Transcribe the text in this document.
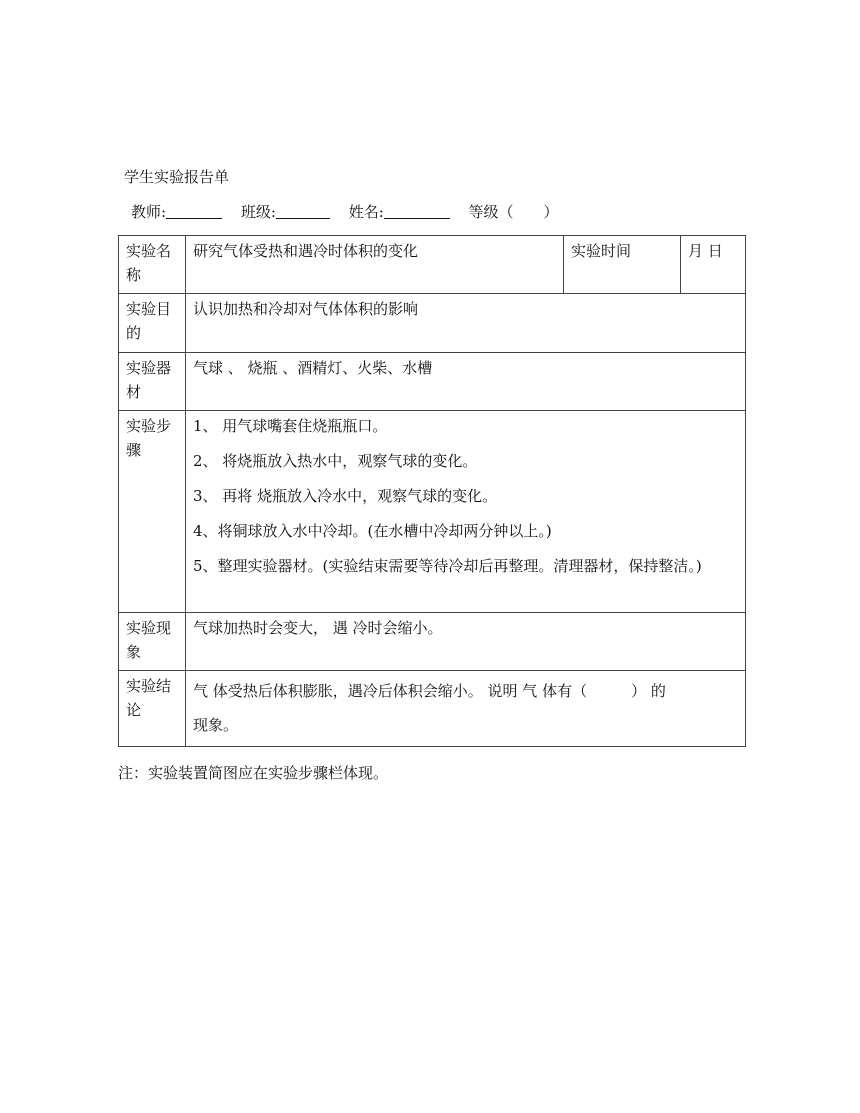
学生实验报告单
教师:	班级:	姓名:	等级（ ）
实验名称	研究气体受热和遇冷时体积的变化	实验时间	月 日
实验目的	认识加热和冷却对气体体积的影响		
实验器材	气球 、 烧瓶 、酒精灯、火柴、水槽		
实验步骤	1、 用气球嘴套住烧瓶瓶口。
2、 将烧瓶放入热水中，观察气球的变化。
3、 再将 烧瓶放入冷水中，观察气球的变化。
4、将铜球放入水中冷却。(在水槽中冷却两分钟以上。)
5、整理实验器材。(实验结束需要等待冷却后再整理。清理器材，保持整洁。)		

实验现象	气球加热时会变大， 遇 冷时会缩小。		
实验结论	气 体受热后体积膨胀，遇冷后体积会缩小。 说明 气 体有（ ） 的
现象。		
注：实验装置简图应在实验步骤栏体现。
